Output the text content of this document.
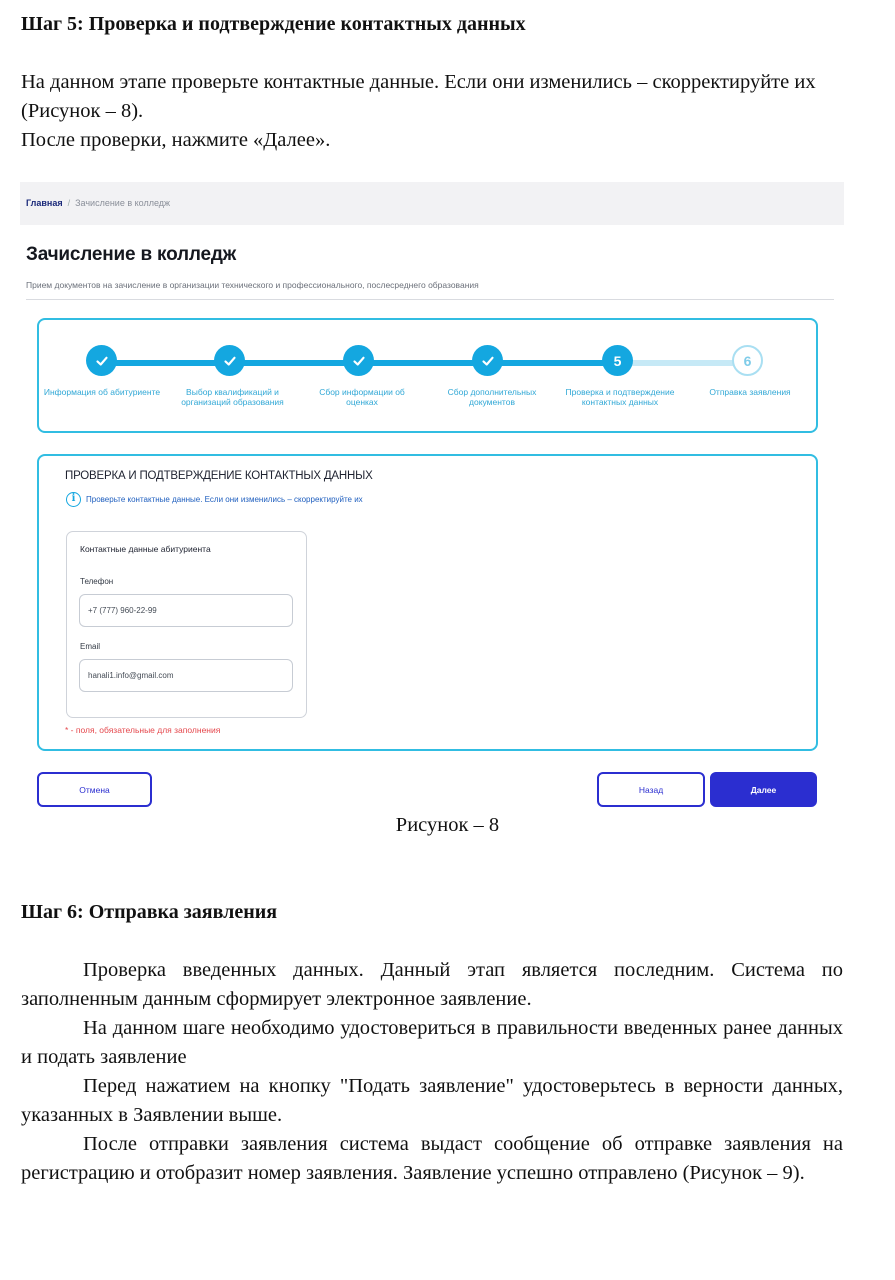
Шаг 5: Проверка и подтверждение контактных данных
На данном этапе проверьте контактные данные. Если они изменились – скорректируйте их
(Рисунок – 8).
После проверки, нажмите «Далее».
Главная / Зачисление в колледж
Зачисление в колледж
Прием документов на зачисление в организации технического и профессионального, послесреднего образования
5	6
Информация об абитуриенте	Выбор квалификаций и организаций образования
Сбор информации об оценках
Сбор дополнительных документов
Проверка и подтверждение контактных данных
Отправка заявления
ПРОВЕРКА И ПОДТВЕРЖДЕНИЕ КОНТАКТНЫХ ДАННЫХ
i	Проверьте контактные данные. Если они изменились – скорректируйте их
Контактные данные абитуриента
Телефон
+7 (777) 960-22-99
Email
hanali1.info@gmail.com
* - поля, обязательные для заполнения
Отмена	Назад	Далее
Рисунок – 8
Шаг 6: Отправка заявления
Проверка введенных данных. Данный этап является последним. Система по заполненным данным сформирует электронное заявление.
На данном шаге необходимо удостовериться в правильности введенных ранее данных и подать заявление
Перед нажатием на кнопку "Подать заявление" удостоверьтесь в верности данных, указанных в Заявлении выше.
После отправки заявления система выдаст сообщение об отправке заявления на регистрацию и отобразит номер заявления. Заявление успешно отправлено (Рисунок – 9).
